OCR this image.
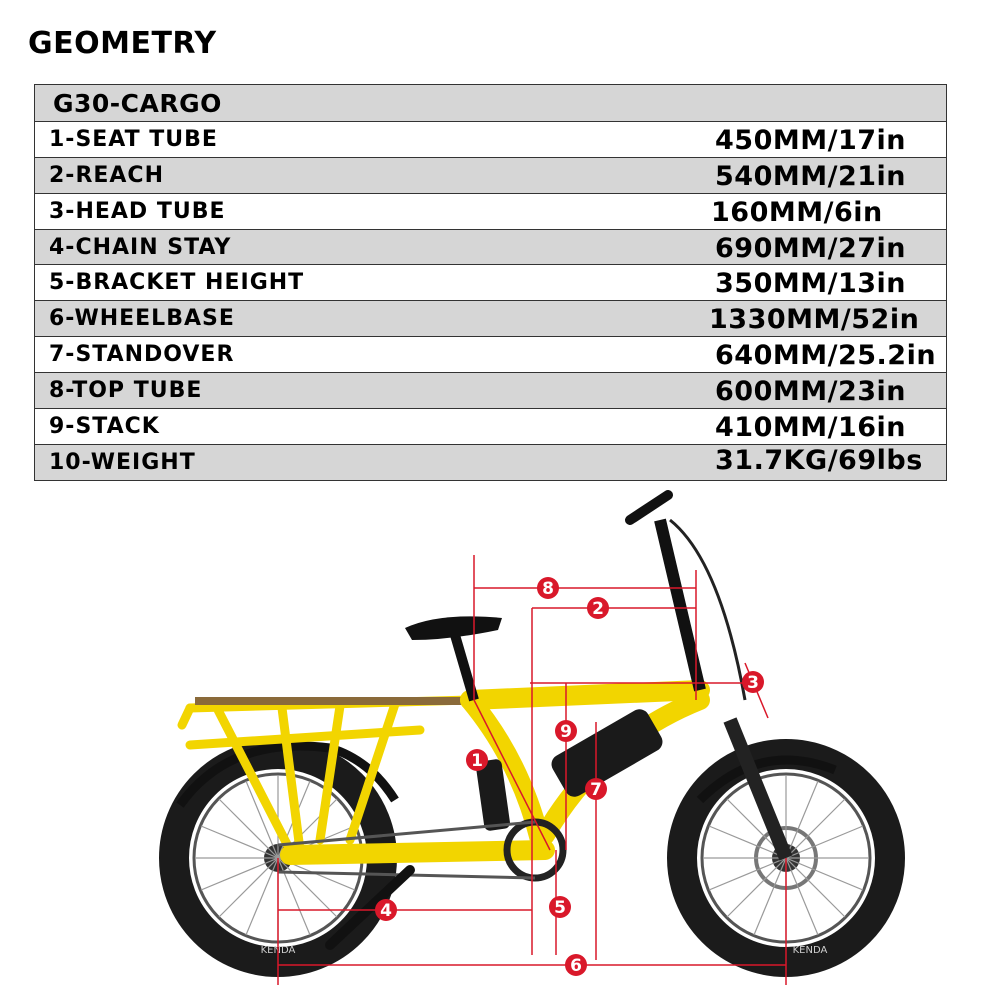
GEOMETRY
G30-CARGO
1-SEAT TUBE	450MM/17in
2-REACH	540MM/21in
3-HEAD TUBE	160MM/6in
4-CHAIN STAY	690MM/27in
5-BRACKET HEIGHT	350MM/13in
6-WHEELBASE	1330MM/52in
7-STANDOVER	640MM/25.2in
8-TOP TUBE	600MM/23in
9-STACK	410MM/16in
10-WEIGHT	31.7KG/69lbs
KENDA	KENDA
1
2
3
4	5
6
7
8
9
